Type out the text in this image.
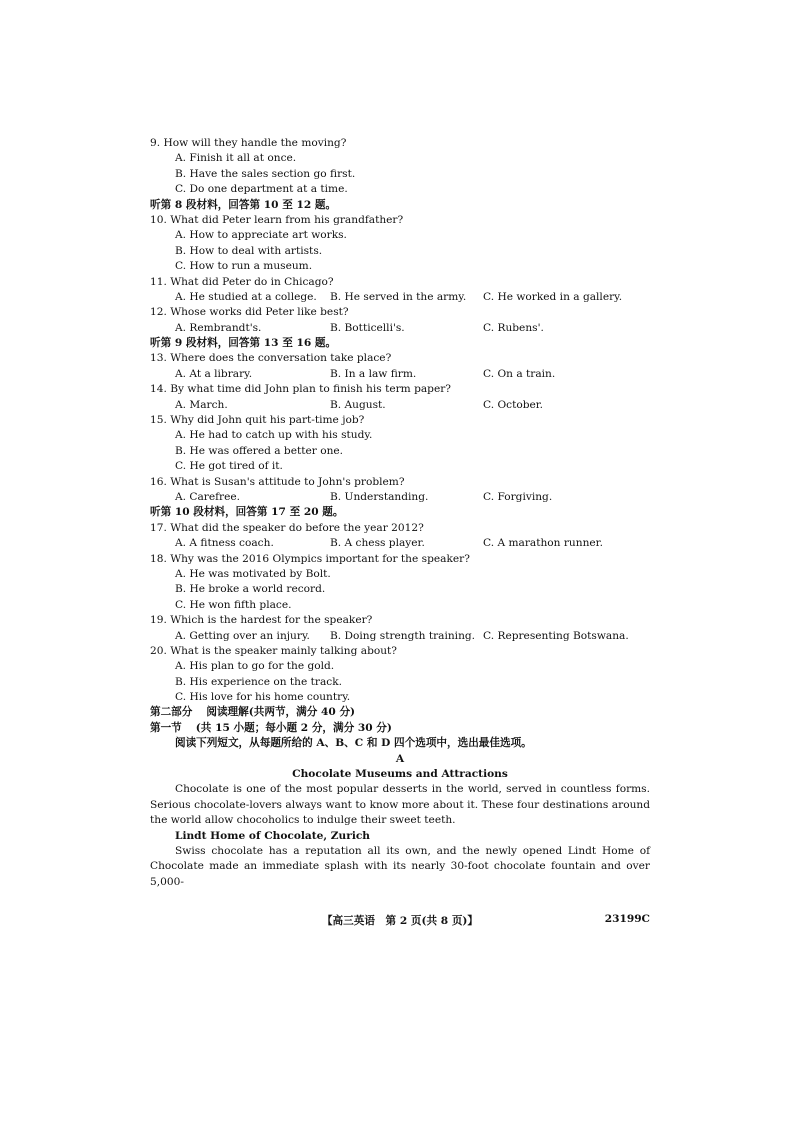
9. How will they handle the moving?
A. Finish it all at once.
B. Have the sales section go first.
C. Do one department at a time.
听第 8 段材料，回答第 10 至 12 题。
10. What did Peter learn from his grandfather?
A. How to appreciate art works.
B. How to deal with artists.
C. How to run a museum.
11. What did Peter do in Chicago?
A. He studied at a college. B. He served in the army. C. He worked in a gallery.
12. Whose works did Peter like best?
A. Rembrandt's.	B. Botticelli's.	C. Rubens'.
听第 9 段材料，回答第 13 至 16 题。
13. Where does the conversation take place?
A. At a library.	B. In a law firm.	C. On a train.
14. By what time did John plan to finish his term paper?
A. March.	B. August.	C. October.
15. Why did John quit his part-time job?
A. He had to catch up with his study.
B. He was offered a better one.
C. He got tired of it.
16. What is Susan's attitude to John's problem?
A. Carefree.	B. Understanding.	C. Forgiving.
听第 10 段材料，回答第 17 至 20 题。
17. What did the speaker do before the year 2012?
A. A fitness coach.	B. A chess player.	C. A marathon runner.
18. Why was the 2016 Olympics important for the speaker?
A. He was motivated by Bolt.
B. He broke a world record.
C. He won fifth place.
19. Which is the hardest for the speaker?
A. Getting over an injury. B. Doing strength training. C. Representing Botswana.
20. What is the speaker mainly talking about?
A. His plan to go for the gold.
B. His experience on the track.
C. His love for his home country.
第二部分 阅读理解(共两节，满分 40 分)
第一节 (共 15 小题；每小题 2 分，满分 30 分)
阅读下列短文，从每题所给的 A、B、C 和 D 四个选项中，选出最佳选项。
A
Chocolate Museums and Attractions
Chocolate is one of the most popular desserts in the world, served in countless forms. Serious chocolate-lovers always want to know more about it. These four destinations around the world allow chocoholics to indulge their sweet teeth.
Lindt Home of Chocolate, Zurich
Swiss chocolate has a reputation all its own, and the newly opened Lindt Home of Chocolate made an immediate splash with its nearly 30-foot chocolate fountain and over 5,000-
【高三英语　第 2 页(共 8 页)】	23199C
